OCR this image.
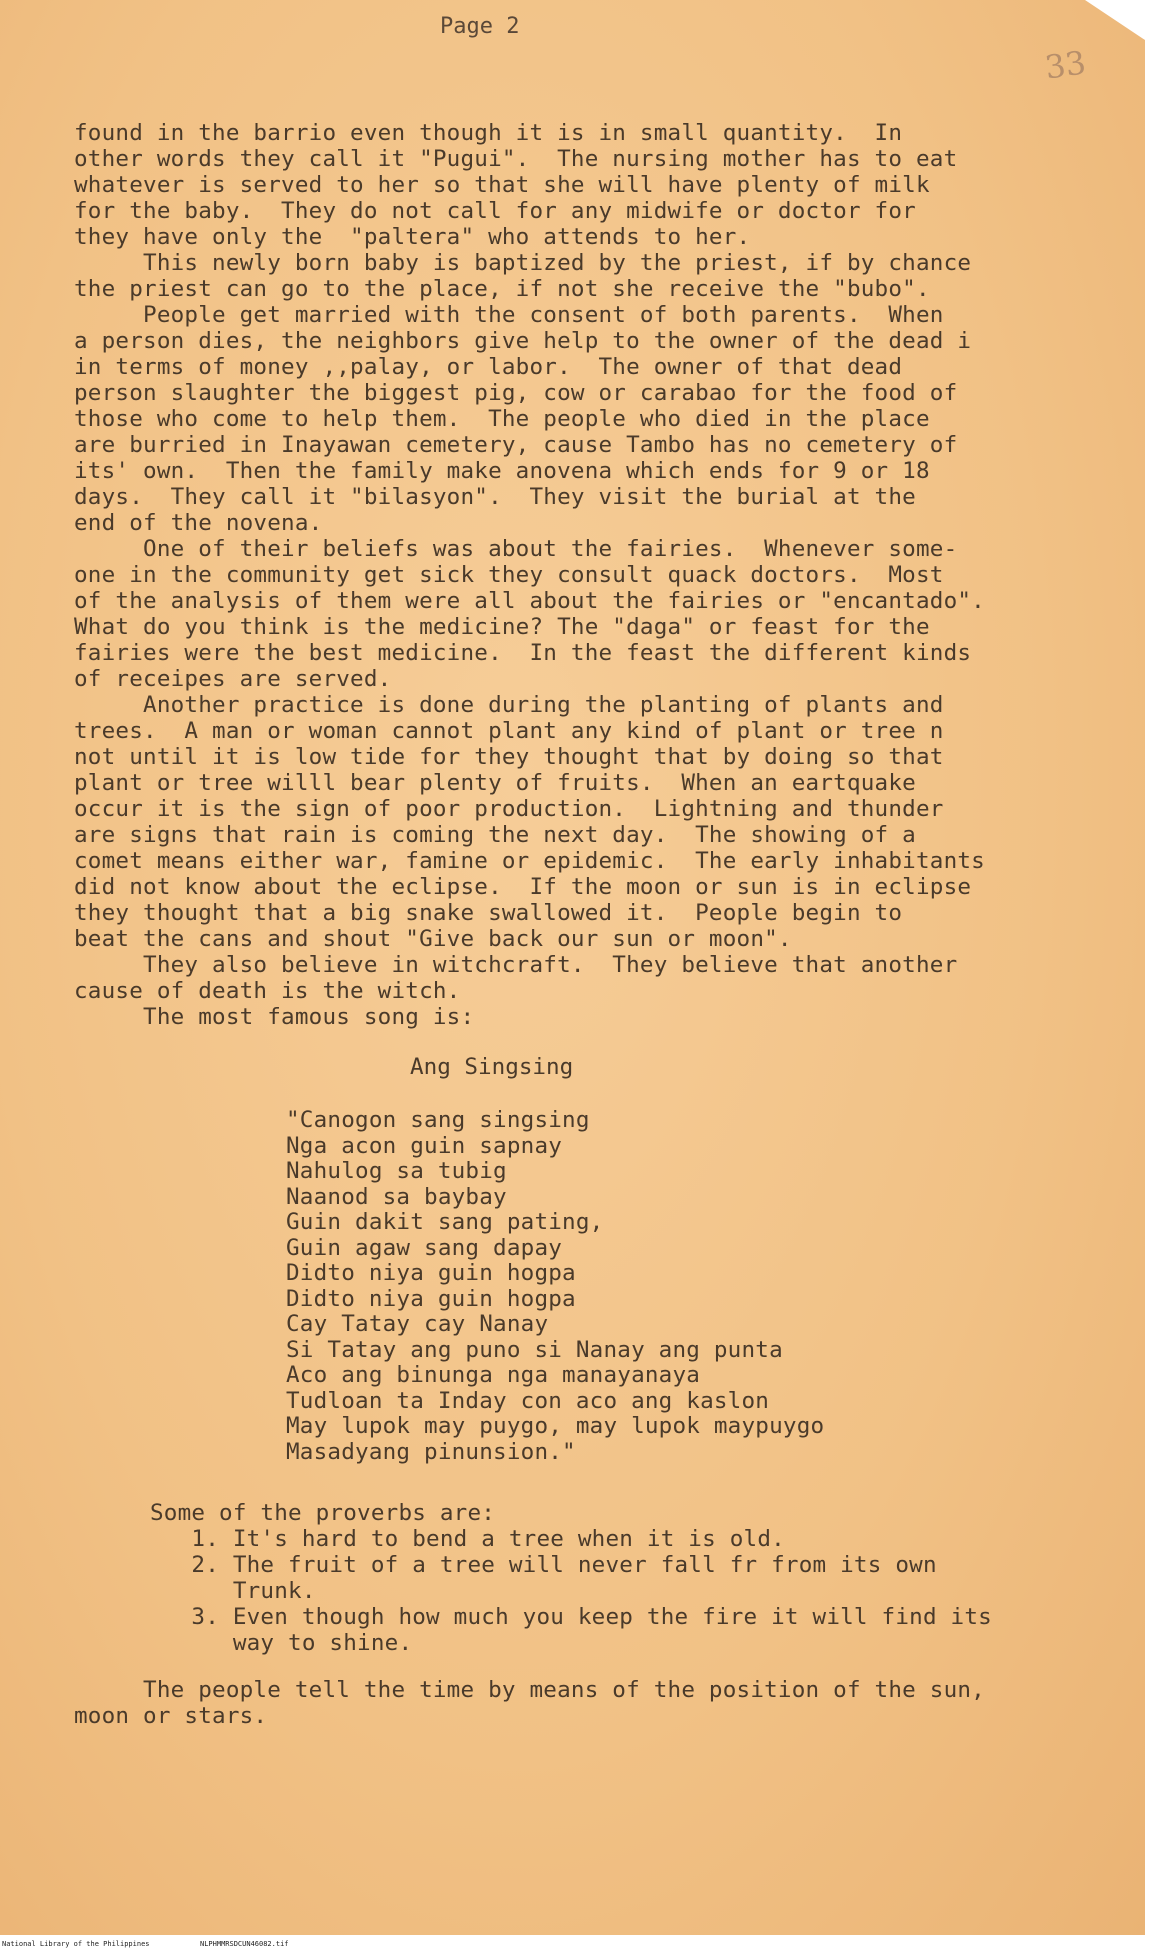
Page 2
33
found in the barrio even though it is in small quantity.  In
other words they call it "Pugui".  The nursing mother has to eat
whatever is served to her so that she will have plenty of milk
for the baby.  They do not call for any midwife or doctor for
they have only the  "paltera" who attends to her.
This newly born baby is baptized by the priest, if by chance
the priest can go to the place, if not she receive the "bubo".
People get married with the consent of both parents.  When
a person dies, the neighbors give help to the owner of the dead i
in terms of money ,,palay, or labor.  The owner of that dead
person slaughter the biggest pig, cow or carabao for the food of
those who come to help them.  The people who died in the place
are burried in Inayawan cemetery, cause Tambo has no cemetery of
its' own.  Then the family make anovena which ends for 9 or 18
days.  They call it "bilasyon".  They visit the burial at the
end of the novena.
One of their beliefs was about the fairies.  Whenever some-
one in the community get sick they consult quack doctors.  Most
of the analysis of them were all about the fairies or "encantado".
What do you think is the medicine? The "daga" or feast for the
fairies were the best medicine.  In the feast the different kinds
of receipes are served.
Another practice is done during the planting of plants and
trees.  A man or woman cannot plant any kind of plant or tree n
not until it is low tide for they thought that by doing so that
plant or tree willl bear plenty of fruits.  When an eartquake
occur it is the sign of poor production.  Lightning and thunder
are signs that rain is coming the next day.  The showing of a
comet means either war, famine or epidemic.  The early inhabitants
did not know about the eclipse.  If the moon or sun is in eclipse
they thought that a big snake swallowed it.  People begin to
beat the cans and shout "Give back our sun or moon".
They also believe in witchcraft.  They believe that another
cause of death is the witch.
The most famous song is:
Ang Singsing
"Canogon sang singsing
Nga acon guin sapnay
Nahulog sa tubig
Naanod sa baybay
Guin dakit sang pating,
Guin agaw sang dapay
Didto niya guin hogpa
Didto niya guin hogpa
Cay Tatay cay Nanay
Si Tatay ang puno si Nanay ang punta
Aco ang binunga nga manayanaya
Tudloan ta Inday con aco ang kaslon
May lupok may puygo, may lupok maypuygo
Masadyang pinunsion."
Some of the proverbs are:
1. It's hard to bend a tree when it is old.
2. The fruit of a tree will never fall fr from its own
Trunk.
3. Even though how much you keep the fire it will find its
way to shine.
The people tell the time by means of the position of the sun,
moon or stars.
National Library of the Philippines	NLPHMMRSDCUN46082.tif
